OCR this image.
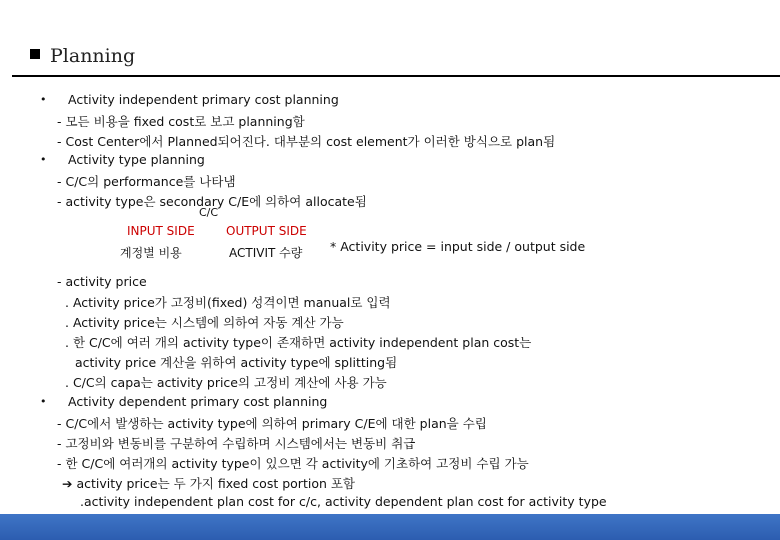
Planning
• Activity independent primary cost planning
- 모든 비용을 fixed cost로 보고 planning함
- Cost Center에서 Planned되어진다. 대부분의 cost element가 이러한 방식으로 plan됨
• Activity type planning
- C/C의 performance를 나타냄
- activity type은 secondary C/E에 의하여 allocate됨
C/C
INPUT SIDE	OUTPUT SIDE
계정별 비용	ACTIVIT 수량 * Activity price = input side / output side
- activity price
. Activity price가 고정비(fixed) 성격이면 manual로 입력
. Activity price는 시스템에 의하여 자동 계산 가능
. 한 C/C에 여러 개의 activity type이 존재하면 activity independent plan cost는
activity price 계산을 위하여 activity type에 splitting됨
. C/C의 capa는 activity price의 고정비 계산에 사용 가능
• Activity dependent primary cost planning
- C/C에서 발생하는 activity type에 의하여 primary C/E에 대한 plan을 수립
- 고정비와 변동비를 구분하여 수립하며 시스템에서는 변동비 취급
- 한 C/C에 여러개의 activity type이 있으면 각 activity에 기초하여 고정비 수립 가능
➔ activity price는 두 가지 fixed cost portion 포함
.activity independent plan cost for c/c, activity dependent plan cost for activity type
